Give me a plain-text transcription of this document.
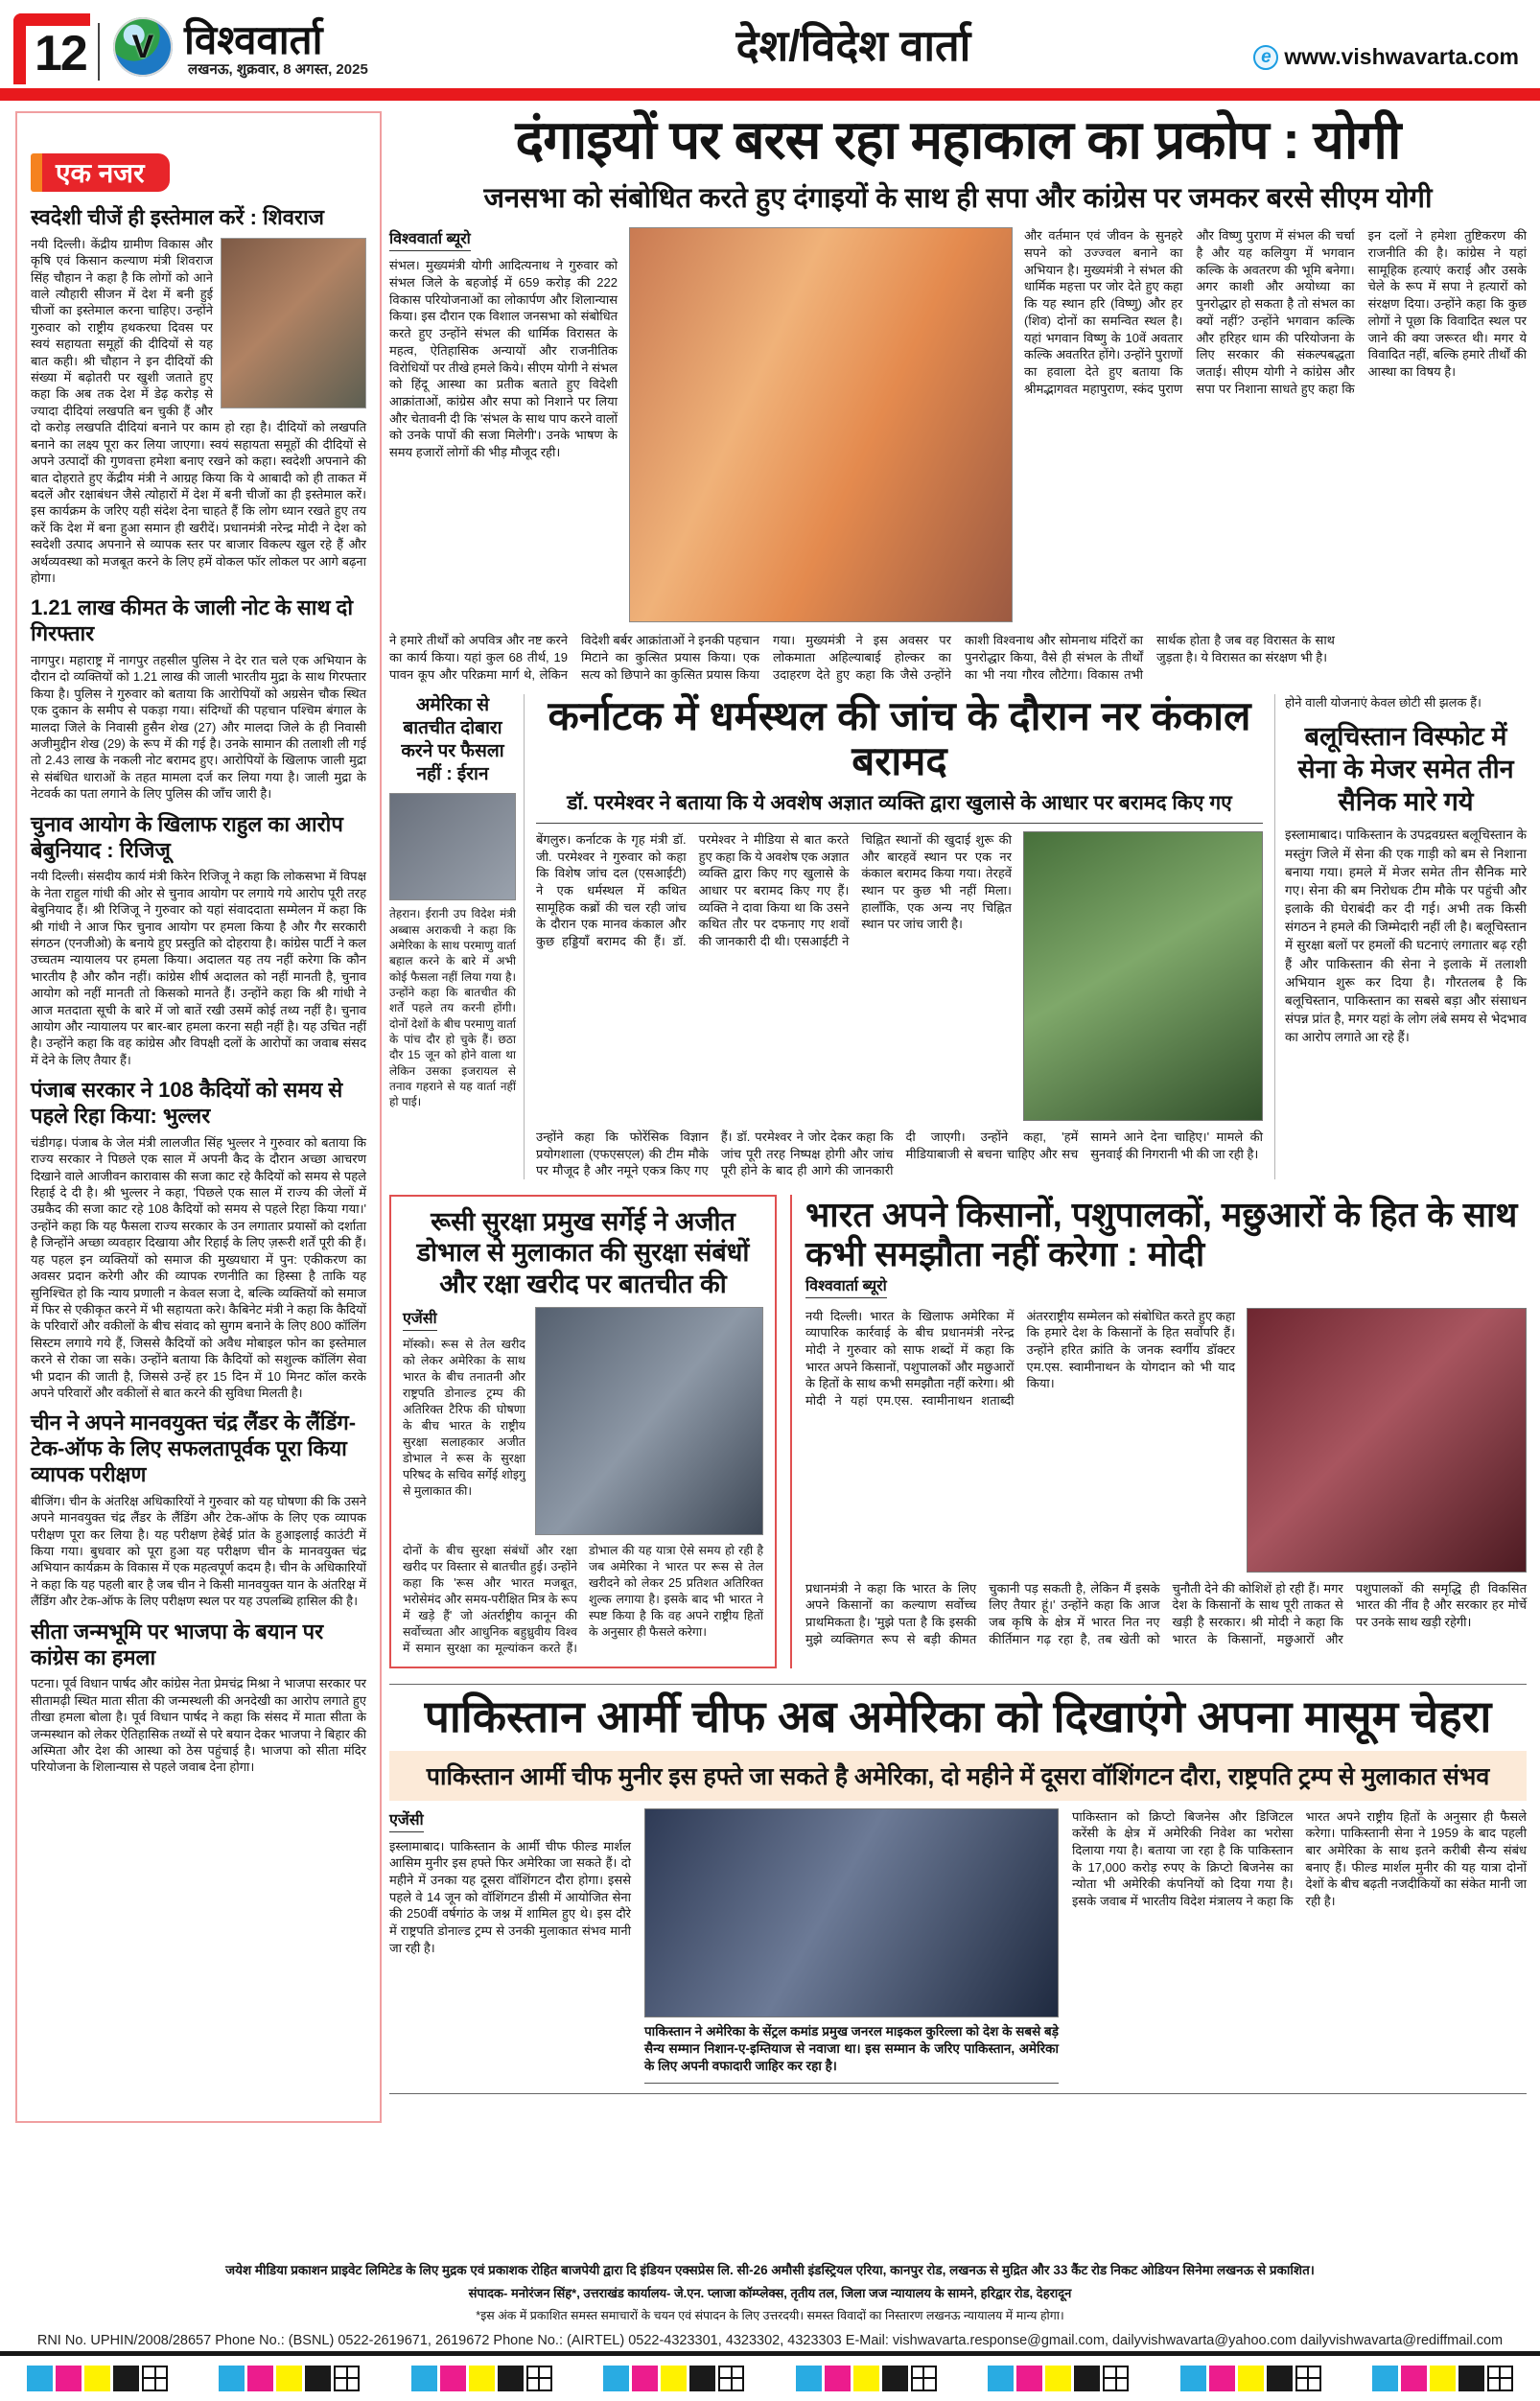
12 V विश्ववार्ता
लखनऊ, शुक्रवार, 8 अगस्त, 2025	देश/विदेश वार्ता	e www.vishwavarta.com
एक नजर
स्वदेशी चीजें ही इस्तेमाल करें : शिवराज
नयी दिल्ली। केंद्रीय ग्रामीण विकास और कृषि एवं किसान कल्याण मंत्री शिवराज सिंह चौहान ने कहा है कि लोगों को आने वाले त्यौहारी सीजन में देश में बनी हुई चीजों का इस्तेमाल करना चाहिए। उन्होंने गुरुवार को राष्ट्रीय हथकरघा दिवस पर स्वयं सहायता समूहों की दीदियों से यह बात कही। श्री चौहान ने इन दीदियों की संख्या में बढ़ोतरी पर खुशी जताते हुए कहा कि अब तक देश में डेढ़ करोड़ से ज्यादा दीदियां लखपति बन चुकी हैं और दो करोड़ लखपति दीदियां बनाने पर काम हो रहा है। दीदियों को लखपति बनाने का लक्ष्य पूरा कर लिया जाएगा। स्वयं सहायता समूहों की दीदियों से अपने उत्पादों की गुणवत्ता हमेशा बनाए रखने को कहा। स्वदेशी अपनाने की बात दोहराते हुए केंद्रीय मंत्री ने आग्रह किया कि ये आबादी को ही ताकत में बदलें और रक्षाबंधन जैसे त्योहारों में देश में बनी चीजों का ही इस्तेमाल करें। इस कार्यक्रम के जरिए यही संदेश देना चाहते हैं कि लोग ध्यान रखते हुए तय करें कि देश में बना हुआ समान ही खरीदें। प्रधानमंत्री नरेन्द्र मोदी ने देश को स्वदेशी उत्पाद अपनाने से व्यापक स्तर पर बाजार विकल्प खुल रहे हैं और अर्थव्यवस्था को मजबूत करने के लिए हमें वोकल फॉर लोकल पर आगे बढ़ना होगा।
1.21 लाख कीमत के जाली नोट के साथ दो गिरफ्तार
नागपुर। महाराष्ट्र में नागपुर तहसील पुलिस ने देर रात चले एक अभियान के दौरान दो व्यक्तियों को 1.21 लाख की जाली भारतीय मुद्रा के साथ गिरफ्तार किया है। पुलिस ने गुरुवार को बताया कि आरोपियों को अग्रसेन चौक स्थित एक दुकान के समीप से पकड़ा गया। संदिग्धों की पहचान पश्चिम बंगाल के मालदा जिले के निवासी हुसैन शेख (27) और मालदा जिले के ही निवासी अजीमुद्दीन शेख (29) के रूप में की गई है। उनके सामान की तलाशी ली गई तो 2.43 लाख के नकली नोट बरामद हुए। आरोपियों के खिलाफ जाली मुद्रा से संबंधित धाराओं के तहत मामला दर्ज कर लिया गया है। जाली मुद्रा के नेटवर्क का पता लगाने के लिए पुलिस की जाँच जारी है।
चुनाव आयोग के खिलाफ राहुल का आरोप बेबुनियाद : रिजिजू
नयी दिल्ली। संसदीय कार्य मंत्री किरेन रिजिजू ने कहा कि लोकसभा में विपक्ष के नेता राहुल गांधी की ओर से चुनाव आयोग पर लगाये गये आरोप पूरी तरह बेबुनियाद हैं। श्री रिजिजू ने गुरुवार को यहां संवाददाता सम्मेलन में कहा कि श्री गांधी ने आज फिर चुनाव आयोग पर हमला किया है और गैर सरकारी संगठन (एनजीओ) के बनाये हुए प्रस्तुति को दोहराया है। कांग्रेस पार्टी ने कल उच्चतम न्यायालय पर हमला किया। अदालत यह तय नहीं करेगा कि कौन भारतीय है और कौन नहीं। कांग्रेस शीर्ष अदालत को नहीं मानती है, चुनाव आयोग को नहीं मानती तो किसको मानते हैं। उन्होंने कहा कि श्री गांधी ने आज मतदाता सूची के बारे में जो बातें रखी उसमें कोई तथ्य नहीं है। चुनाव आयोग और न्यायालय पर बार-बार हमला करना सही नहीं है। यह उचित नहीं है। उन्होंने कहा कि वह कांग्रेस और विपक्षी दलों के आरोपों का जवाब संसद में देने के लिए तैयार हैं।
पंजाब सरकार ने 108 कैदियों को समय से पहले रिहा किया: भुल्लर
चंडीगढ़। पंजाब के जेल मंत्री लालजीत सिंह भुल्लर ने गुरुवार को बताया कि राज्य सरकार ने पिछले एक साल में अपनी कैद के दौरान अच्छा आचरण दिखाने वाले आजीवन कारावास की सजा काट रहे कैदियों को समय से पहले रिहाई दे दी है। श्री भुल्लर ने कहा, 'पिछले एक साल में राज्य की जेलों में उम्रकैद की सजा काट रहे 108 कैदियों को समय से पहले रिहा किया गया।' उन्होंने कहा कि यह फैसला राज्य सरकार के उन लगातार प्रयासों को दर्शाता है जिन्होंने अच्छा व्यवहार दिखाया और रिहाई के लिए ज़रूरी शर्तें पूरी की हैं। यह पहल इन व्यक्तियों को समाज की मुख्यधारा में पुन: एकीकरण का अवसर प्रदान करेगी और की व्यापक रणनीति का हिस्सा है ताकि यह सुनिश्चित हो कि न्याय प्रणाली न केवल सजा दे, बल्कि व्यक्तियों को समाज में फिर से एकीकृत करने में भी सहायता करे। कैबिनेट मंत्री ने कहा कि कैदियों के परिवारों और वकीलों के बीच संवाद को सुगम बनाने के लिए 800 कॉलिंग सिस्टम लगाये गये हैं, जिससे कैदियों को अवैध मोबाइल फोन का इस्तेमाल करने से रोका जा सके। उन्होंने बताया कि कैदियों को सशुल्क कॉलिंग सेवा भी प्रदान की जाती है, जिससे उन्हें हर 15 दिन में 10 मिनट कॉल करके अपने परिवारों और वकीलों से बात करने की सुविधा मिलती है।
चीन ने अपने मानवयुक्त चंद्र लैंडर के लैंडिंग-टेक-ऑफ के लिए सफलतापूर्वक पूरा किया व्यापक परीक्षण
बीजिंग। चीन के अंतरिक्ष अधिकारियों ने गुरुवार को यह घोषणा की कि उसने अपने मानवयुक्त चंद्र लैंडर के लैंडिंग और टेक-ऑफ के लिए एक व्यापक परीक्षण पूरा कर लिया है। यह परीक्षण हेबेई प्रांत के हुआइलाई काउंटी में किया गया। बुधवार को पूरा हुआ यह परीक्षण चीन के मानवयुक्त चंद्र अभियान कार्यक्रम के विकास में एक महत्वपूर्ण कदम है। चीन के अधिकारियों ने कहा कि यह पहली बार है जब चीन ने किसी मानवयुक्त यान के अंतरिक्ष में लैंडिंग और टेक-ऑफ के लिए परीक्षण स्थल पर यह उपलब्धि हासिल की है।
सीता जन्मभूमि पर भाजपा के बयान पर कांग्रेस का हमला
पटना। पूर्व विधान पार्षद और कांग्रेस नेता प्रेमचंद्र मिश्रा ने भाजपा सरकार पर सीतामढ़ी स्थित माता सीता की जन्मस्थली की अनदेखी का आरोप लगाते हुए तीखा हमला बोला है। पूर्व विधान पार्षद ने कहा कि संसद में माता सीता के जन्मस्थान को लेकर ऐतिहासिक तथ्यों से परे बयान देकर भाजपा ने बिहार की अस्मिता और देश की आस्था को ठेस पहुंचाई है। भाजपा को सीता मंदिर परियोजना के शिलान्यास से पहले जवाब देना होगा।
दंगाइयों पर बरस रहा महाकाल का प्रकोप : योगी
जनसभा को संबोधित करते हुए दंगाइयों के साथ ही सपा और कांग्रेस पर जमकर बरसे सीएम योगी
विश्ववार्ता ब्यूरो
संभल। मुख्यमंत्री योगी आदित्यनाथ ने गुरुवार को संभल जिले के बहजोई में 659 करोड़ की 222 विकास परियोजनाओं का लोकार्पण और शिलान्यास किया। इस दौरान एक विशाल जनसभा को संबोधित करते हुए उन्होंने संभल की धार्मिक विरासत के महत्व, ऐतिहासिक अन्यायों और राजनीतिक विरोधियों पर तीखे हमले किये। सीएम योगी ने संभल को हिंदू आस्था का प्रतीक बताते हुए विदेशी आक्रांताओं, कांग्रेस और सपा को निशाने पर लिया और चेतावनी दी कि 'संभल के साथ पाप करने वालों को उनके पापों की सजा मिलेगी'। उनके भाषण के समय हजारों लोगों की भीड़ मौजूद रही।
और वर्तमान एवं जीवन के सुनहरे सपने को उज्ज्वल बनाने का अभियान है। मुख्यमंत्री ने संभल की धार्मिक महत्ता पर जोर देते हुए कहा कि यह स्थान हरि (विष्णु) और हर (शिव) दोनों का समन्वित स्थल है। यहां भगवान विष्णु के 10वें अवतार कल्कि अवतरित होंगे। उन्होंने पुराणों का हवाला देते हुए बताया कि श्रीमद्भागवत महापुराण, स्कंद पुराण और विष्णु पुराण में संभल की चर्चा है और यह कलियुग में भगवान कल्कि के अवतरण की भूमि बनेगा। अगर काशी और अयोध्या का पुनरोद्धार हो सकता है तो संभल का क्यों नहीं? उन्होंने भगवान कल्कि और हरिहर धाम की परियोजना के लिए सरकार की संकल्पबद्धता जताई। सीएम योगी ने कांग्रेस और सपा पर निशाना साधते हुए कहा कि इन दलों ने हमेशा तुष्टिकरण की राजनीति की है। कांग्रेस ने यहां सामूहिक हत्याएं कराई और उसके चेले के रूप में सपा ने हत्यारों को संरक्षण दिया। उन्होंने कहा कि कुछ लोगों ने पूछा कि विवादित स्थल पर जाने की क्या जरूरत थी। मगर ये विवादित नहीं, बल्कि हमारे तीर्थों की आस्था का विषय है।
ने हमारे तीर्थों को अपवित्र और नष्ट करने का कार्य किया। यहां कुल 68 तीर्थ, 19 पावन कूप और परिक्रमा मार्ग थे, लेकिन विदेशी बर्बर आक्रांताओं ने इनकी पहचान मिटाने का कुत्सित प्रयास किया। एक सत्य को छिपाने का कुत्सित प्रयास किया गया। मुख्यमंत्री ने इस अवसर पर लोकमाता अहिल्याबाई होल्कर का उदाहरण देते हुए कहा कि जैसे उन्होंने काशी विश्वनाथ और सोमनाथ मंदिरों का पुनरोद्धार किया, वैसे ही संभल के तीर्थों का भी नया गौरव लौटेगा। विकास तभी सार्थक होता है जब वह विरासत के साथ जुड़ता है। ये विरासत का संरक्षण भी है।
अमेरिका से बातचीत दोबारा करने पर फैसला नहीं : ईरान
तेहरान। ईरानी उप विदेश मंत्री अब्बास अराकची ने कहा कि अमेरिका के साथ परमाणु वार्ता बहाल करने के बारे में अभी कोई फैसला नहीं लिया गया है। उन्होंने कहा कि बातचीत की शर्तें पहले तय करनी होंगी। दोनों देशों के बीच परमाणु वार्ता के पांच दौर हो चुके हैं। छठा दौर 15 जून को होने वाला था लेकिन उसका इजरायल से तनाव गहराने से यह वार्ता नहीं हो पाई।
कर्नाटक में धर्मस्थल की जांच के दौरान नर कंकाल बरामद
डॉ. परमेश्वर ने बताया कि ये अवशेष अज्ञात व्यक्ति द्वारा खुलासे के आधार पर बरामद किए गए
बेंगलुरु। कर्नाटक के गृह मंत्री डॉ. जी. परमेश्वर ने गुरुवार को कहा कि विशेष जांच दल (एसआईटी) ने एक धर्मस्थल में कथित सामूहिक कब्रों की चल रही जांच के दौरान एक मानव कंकाल और कुछ हड्डियाँ बरामद की हैं। डॉ. परमेश्वर ने मीडिया से बात करते हुए कहा कि ये अवशेष एक अज्ञात व्यक्ति द्वारा किए गए खुलासे के आधार पर बरामद किए गए हैं। व्यक्ति ने दावा किया था कि उसने कथित तौर पर दफनाए गए शवों की जानकारी दी थी। एसआईटी ने चिह्नित स्थानों की खुदाई शुरू की और बारहवें स्थान पर एक नर कंकाल बरामद किया गया। तेरहवें स्थान पर कुछ भी नहीं मिला। हालाँकि, एक अन्य नए चिह्नित स्थान पर जांच जारी है।
उन्होंने कहा कि फोरेंसिक विज्ञान प्रयोगशाला (एफएसएल) की टीम मौके पर मौजूद है और नमूने एकत्र किए गए हैं। डॉ. परमेश्वर ने जोर देकर कहा कि जांच पूरी तरह निष्पक्ष होगी और जांच पूरी होने के बाद ही आगे की जानकारी दी जाएगी। उन्होंने कहा, 'हमें मीडियाबाजी से बचना चाहिए और सच सामने आने देना चाहिए।' मामले की सुनवाई की निगरानी भी की जा रही है।
होने वाली योजनाएं केवल छोटी सी झलक हैं।
बलूचिस्तान विस्फोट में सेना के मेजर समेत तीन सैनिक मारे गये
इस्लामाबाद। पाकिस्तान के उपद्रवग्रस्त बलूचिस्तान के मस्तुंग जिले में सेना की एक गाड़ी को बम से निशाना बनाया गया। हमले में मेजर समेत तीन सैनिक मारे गए। सेना की बम निरोधक टीम मौके पर पहुंची और इलाके की घेराबंदी कर दी गई। अभी तक किसी संगठन ने हमले की जिम्मेदारी नहीं ली है। बलूचिस्तान में सुरक्षा बलों पर हमलों की घटनाएं लगातार बढ़ रही हैं और पाकिस्तान की सेना ने इलाके में तलाशी अभियान शुरू कर दिया है। गौरतलब है कि बलूचिस्तान, पाकिस्तान का सबसे बड़ा और संसाधन संपन्न प्रांत है, मगर यहां के लोग लंबे समय से भेदभाव का आरोप लगाते आ रहे हैं।
रूसी सुरक्षा प्रमुख सर्गेई ने अजीत डोभाल से मुलाकात की सुरक्षा संबंधों और रक्षा खरीद पर बातचीत की
एजेंसी
मॉस्को। रूस से तेल खरीद को लेकर अमेरिका के साथ भारत के बीच तनातनी और राष्ट्रपति डोनाल्ड ट्रम्प की अतिरिक्त टैरिफ की घोषणा के बीच भारत के राष्ट्रीय सुरक्षा सलाहकार अजीत डोभाल ने रूस के सुरक्षा परिषद के सचिव सर्गेई शोइगु से मुलाकात की।
दोनों के बीच सुरक्षा संबंधों और रक्षा खरीद पर विस्तार से बातचीत हुई। उन्होंने कहा कि 'रूस और भारत मजबूत, भरोसेमंद और समय-परीक्षित मित्र के रूप में खड़े हैं' जो अंतर्राष्ट्रीय कानून की सर्वोच्चता और आधुनिक बहुध्रुवीय विश्व में समान सुरक्षा का मूल्यांकन करते हैं। डोभाल की यह यात्रा ऐसे समय हो रही है जब अमेरिका ने भारत पर रूस से तेल खरीदने को लेकर 25 प्रतिशत अतिरिक्त शुल्क लगाया है। इसके बाद भी भारत ने स्पष्ट किया है कि वह अपने राष्ट्रीय हितों के अनुसार ही फैसले करेगा।
भारत अपने किसानों, पशुपालकों, मछुआरों के हित के साथ कभी समझौता नहीं करेगा : मोदी
विश्ववार्ता ब्यूरो
नयी दिल्ली। भारत के खिलाफ अमेरिका में व्यापारिक कार्रवाई के बीच प्रधानमंत्री नरेन्द्र मोदी ने गुरुवार को साफ शब्दों में कहा कि भारत अपने किसानों, पशुपालकों और मछुआरों के हितों के साथ कभी समझौता नहीं करेगा। श्री मोदी ने यहां एम.एस. स्वामीनाथन शताब्दी अंतरराष्ट्रीय सम्मेलन को संबोधित करते हुए कहा कि हमारे देश के किसानों के हित सर्वोपरि हैं। उन्होंने हरित क्रांति के जनक स्वर्गीय डॉक्टर एम.एस. स्वामीनाथन के योगदान को भी याद किया।
प्रधानमंत्री ने कहा कि भारत के लिए अपने किसानों का कल्याण सर्वोच्च प्राथमिकता है। 'मुझे पता है कि इसकी मुझे व्यक्तिगत रूप से बड़ी कीमत चुकानी पड़ सकती है, लेकिन मैं इसके लिए तैयार हूं।' उन्होंने कहा कि आज जब कृषि के क्षेत्र में भारत नित नए कीर्तिमान गढ़ रहा है, तब खेती को चुनौती देने की कोशिशें हो रही हैं। मगर देश के किसानों के साथ पूरी ताकत से खड़ी है सरकार। श्री मोदी ने कहा कि भारत के किसानों, मछुआरों और पशुपालकों की समृद्धि ही विकसित भारत की नींव है और सरकार हर मोर्चे पर उनके साथ खड़ी रहेगी।
पाकिस्तान आर्मी चीफ अब अमेरिका को दिखाएंगे अपना मासूम चेहरा
पाकिस्तान आर्मी चीफ मुनीर इस हफ्ते जा सकते है अमेरिका, दो महीने में दूसरा वॉशिंगटन दौरा, राष्ट्रपति ट्रम्प से मुलाकात संभव
एजेंसी
इस्लामाबाद। पाकिस्तान के आर्मी चीफ फील्ड मार्शल आसिम मुनीर इस हफ्ते फिर अमेरिका जा सकते हैं। दो महीने में उनका यह दूसरा वॉशिंगटन दौरा होगा। इससे पहले वे 14 जून को वॉशिंगटन डीसी में आयोजित सेना की 250वीं वर्षगांठ के जश्न में शामिल हुए थे। इस दौरे में राष्ट्रपति डोनाल्ड ट्रम्प से उनकी मुलाकात संभव मानी जा रही है।
पाकिस्तान ने अमेरिका के सेंट्रल कमांड प्रमुख जनरल माइकल कुरिल्ला को देश के सबसे बड़े सैन्य सम्मान निशान-ए-इम्तियाज से नवाजा था। इस सम्मान के जरिए पाकिस्तान, अमेरिका के लिए अपनी वफादारी जाहिर कर रहा है।
पाकिस्तान को क्रिप्टो बिजनेस और डिजिटल करेंसी के क्षेत्र में अमेरिकी निवेश का भरोसा दिलाया गया है। बताया जा रहा है कि पाकिस्तान के 17,000 करोड़ रुपए के क्रिप्टो बिजनेस का न्योता भी अमेरिकी कंपनियों को दिया गया है। इसके जवाब में भारतीय विदेश मंत्रालय ने कहा कि भारत अपने राष्ट्रीय हितों के अनुसार ही फैसले करेगा। पाकिस्तानी सेना ने 1959 के बाद पहली बार अमेरिका के साथ इतने करीबी सैन्य संबंध बनाए हैं। फील्ड मार्शल मुनीर की यह यात्रा दोनों देशों के बीच बढ़ती नजदीकियों का संकेत मानी जा रही है।
जयेश मीडिया प्रकाशन प्राइवेट लिमिटेड के लिए मुद्रक एवं प्रकाशक रोहित बाजपेयी द्वारा दि इंडियन एक्सप्रेस लि. सी-26 अमौसी इंडस्ट्रियल एरिया, कानपुर रोड, लखनऊ से मुद्रित और 33 कैंट रोड निकट ओडियन सिनेमा लखनऊ से प्रकाशित।
संपादक- मनोरंजन सिंह*, उत्तराखंड कार्यालय- जे.एन. प्लाजा कॉम्प्लेक्स, तृतीय तल, जिला जज न्यायालय के सामने, हरिद्वार रोड, देहरादून
*इस अंक में प्रकाशित समस्त समाचारों के चयन एवं संपादन के लिए उत्तरदयी। समस्त विवादों का निस्तारण लखनऊ न्यायालय में मान्य होगा।
RNI No. UPHIN/2008/28657 Phone No.: (BSNL) 0522-2619671, 2619672 Phone No.: (AIRTEL) 0522-4323301, 4323302, 4323303 E-Mail: vishwavarta.response@gmail.com, dailyvishwavarta@yahoo.com dailyvishwavarta@rediffmail.com
